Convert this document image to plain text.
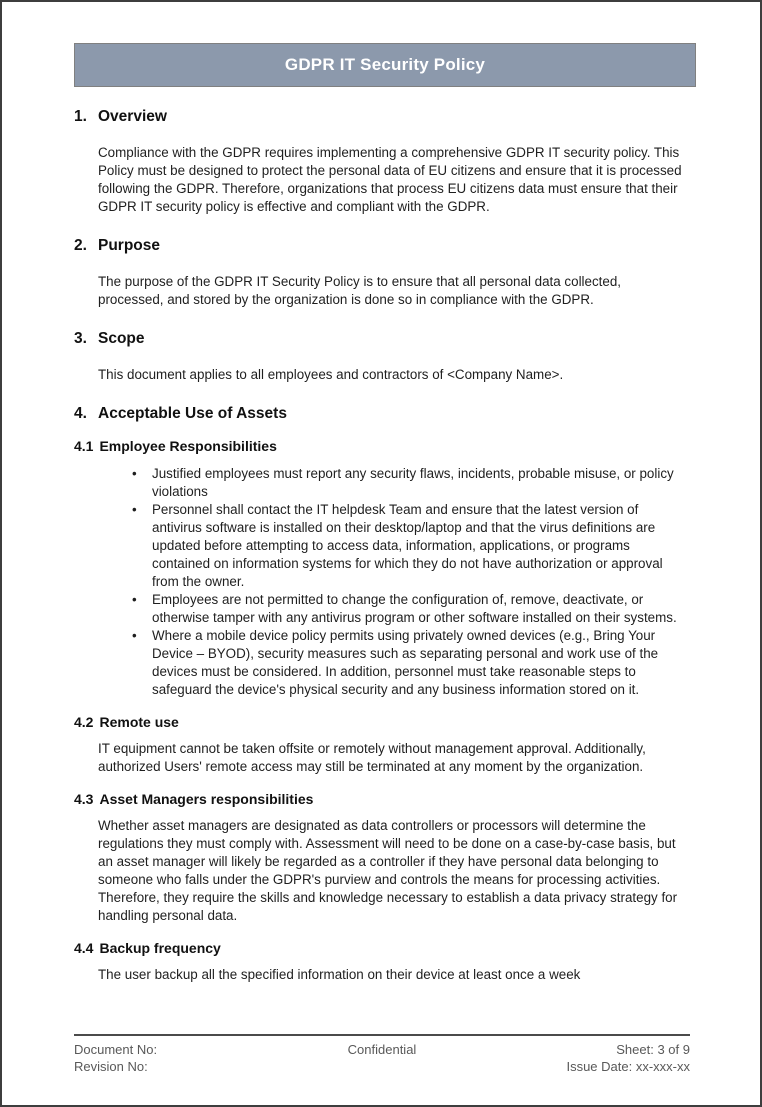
GDPR IT Security Policy
1. Overview

Compliance with the GDPR requires implementing a comprehensive GDPR IT security policy. This Policy must be designed to protect the personal data of EU citizens and ensure that it is processed following the GDPR. Therefore, organizations that process EU citizens data must ensure that their GDPR IT security policy is effective and compliant with the GDPR.

2. Purpose

The purpose of the GDPR IT Security Policy is to ensure that all personal data collected, processed, and stored by the organization is done so in compliance with the GDPR.

3. Scope

This document applies to all employees and contractors of <Company Name>.

4. Acceptable Use of Assets
4.1 Employee Responsibilities
• Justified employees must report any security flaws, incidents, probable misuse, or policy violations
• Personnel shall contact the IT helpdesk Team and ensure that the latest version of antivirus software is installed on their desktop/laptop and that the virus definitions are updated before attempting to access data, information, applications, or programs contained on information systems for which they do not have authorization or approval from the owner.
• Employees are not permitted to change the configuration of, remove, deactivate, or otherwise tamper with any antivirus program or other software installed on their systems.
• Where a mobile device policy permits using privately owned devices (e.g., Bring Your Device – BYOD), security measures such as separating personal and work use of the devices must be considered. In addition, personnel must take reasonable steps to safeguard the device's physical security and any business information stored on it.
4.2 Remote use

IT equipment cannot be taken offsite or remotely without management approval. Additionally, authorized Users' remote access may still be terminated at any moment by the organization.

4.3 Asset Managers responsibilities

Whether asset managers are designated as data controllers or processors will determine the regulations they must comply with. Assessment will need to be done on a case-by-case basis, but an asset manager will likely be regarded as a controller if they have personal data belonging to someone who falls under the GDPR's purview and controls the means for processing activities. Therefore, they require the skills and knowledge necessary to establish a data privacy strategy for handling personal data.

4.4 Backup frequency

The user backup all the specified information on their device at least once a week

Document No:	Confidential	Sheet: 3 of 9
Revision No:	Issue Date: xx-xxx-xx
